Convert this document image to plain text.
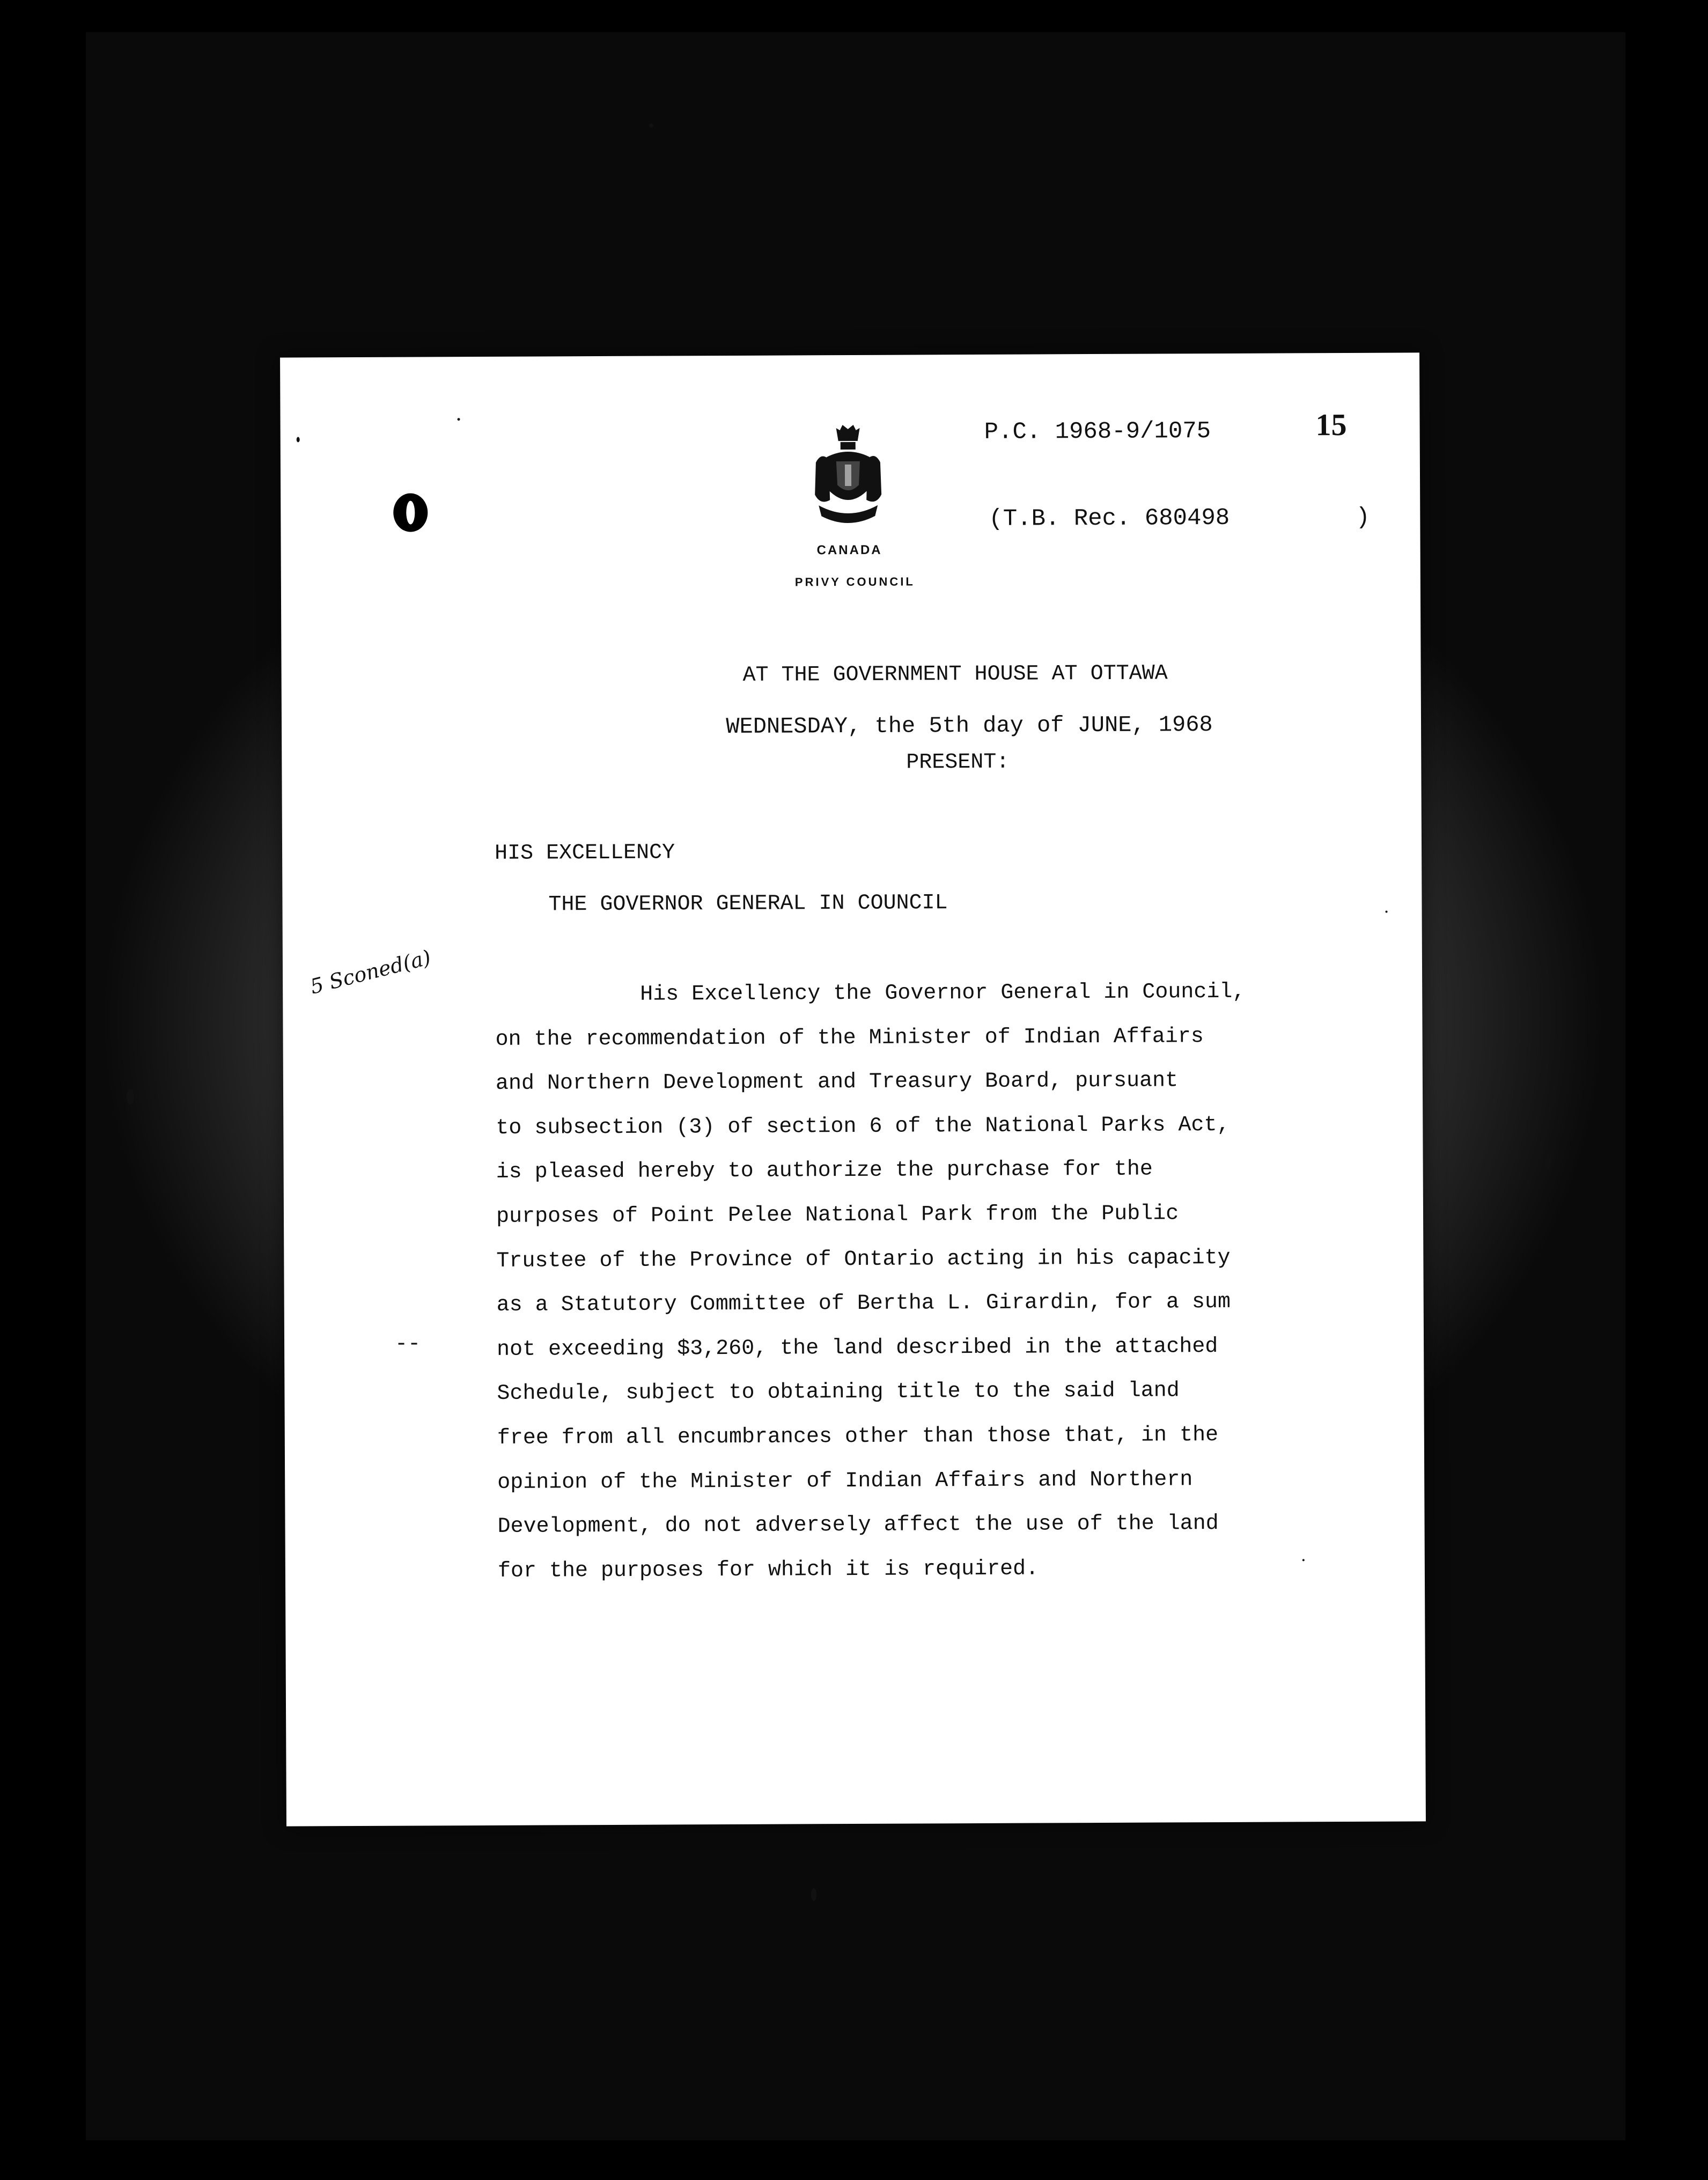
CANADA
PRIVY COUNCIL
P.C. 1968-9/1075	15
(T.B. Rec. 680498	)
AT THE GOVERNMENT HOUSE AT OTTAWA
WEDNESDAY, the 5th day of JUNE, 1968
PRESENT:
HIS EXCELLENCY
THE GOVERNOR GENERAL IN COUNCIL
5 Sconed(a)
--
His Excellency the Governor General in Council,
on the recommendation of the Minister of Indian Affairs
and Northern Development and Treasury Board, pursuant
to subsection (3) of section 6 of the National Parks Act,
is pleased hereby to authorize the purchase for the
purposes of Point Pelee National Park from the Public
Trustee of the Province of Ontario acting in his capacity
as a Statutory Committee of Bertha L. Girardin, for a sum
not exceeding $3,260, the land described in the attached
Schedule, subject to obtaining title to the said land
free from all encumbrances other than those that, in the
opinion of the Minister of Indian Affairs and Northern
Development, do not adversely affect the use of the land
for the purposes for which it is required.
